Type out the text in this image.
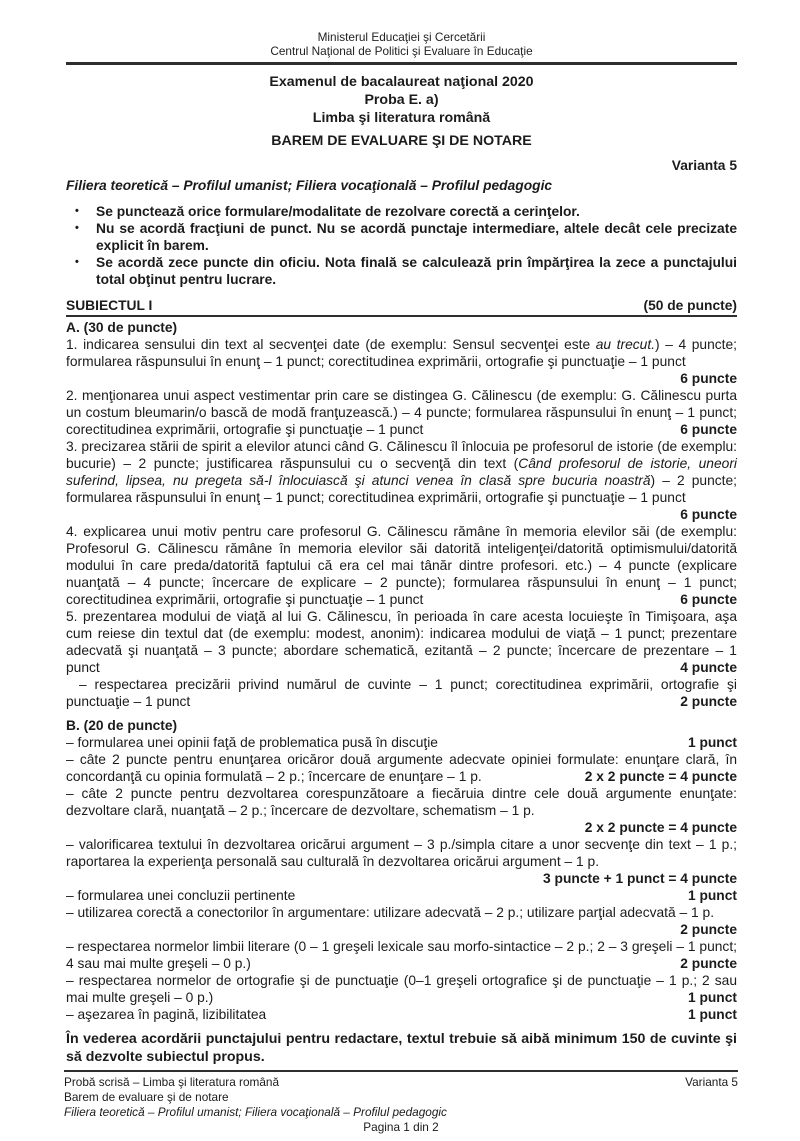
Ministerul Educaţiei şi Cercetării

Centrul Naţional de Politici şi Evaluare în Educaţie

Examenul de bacalaureat naţional 2020

Proba E. a)

Limba şi literatura română

BAREM DE EVALUARE ŞI DE NOTARE

Varianta 5

Filiera teoretică – Profilul umanist; Filiera vocaţională – Profilul pedagogic

•	Se punctează orice formulare/modalitate de rezolvare corectă a cerinţelor.
•	Nu se acordă fracţiuni de punct. Nu se acordă punctaje intermediare, altele decât cele precizate explicit în barem.
•	Se acordă zece puncte din oficiu. Nota finală se calculează prin împărţirea la zece a punctajului total obţinut pentru lucrare.
SUBIECTUL I	(50 de puncte)

A. (30 de puncte)

1. indicarea sensului din text al secvenţei date (de exemplu: Sensul secvenţei este au trecut.) – 4 puncte; formularea răspunsului în enunţ – 1 punct; corectitudinea exprimării, ortografie şi punctuaţie – 1 punct
6 puncte

2. menţionarea unui aspect vestimentar prin care se distingea G. Călinescu (de exemplu: G. Călinescu purta un costum bleumarin/o bască de modă franţuzească.) – 4 puncte; formularea răspunsului în enunţ – 1 punct; corectitudinea exprimării, ortografie şi punctuaţie – 1 punct	6 puncte

3. precizarea stării de spirit a elevilor atunci când G. Călinescu îl înlocuia pe profesorul de istorie (de exemplu: bucurie) – 2 puncte; justificarea răspunsului cu o secvenţă din text (Când profesorul de istorie, uneori suferind, lipsea, nu pregeta să-l înlocuiască şi atunci venea în clasă spre bucuria noastră) – 2 puncte; formularea răspunsului în enunţ – 1 punct; corectitudinea exprimării, ortografie şi punctuaţie – 1 punct
6 puncte

4. explicarea unui motiv pentru care profesorul G. Călinescu rămâne în memoria elevilor săi (de exemplu: Profesorul G. Călinescu rămâne în memoria elevilor săi datorită inteligenţei/datorită optimismului/datorită modului în care preda/datorită faptului că era cel mai tânăr dintre profesori. etc.) – 4 puncte (explicare nuanţată – 4 puncte; încercare de explicare – 2 puncte); formularea răspunsului în enunţ – 1 punct; corectitudinea exprimării, ortografie şi punctuaţie – 1 punct	6 puncte

5. prezentarea modului de viaţă al lui G. Călinescu, în perioada în care acesta locuieşte în Timişoara, aşa cum reiese din textul dat (de exemplu: modest, anonim): indicarea modului de viaţă – 1 punct; prezentare adecvată şi nuanţată – 3 puncte; abordare schematică, ezitantă – 2 puncte; încercare de prezentare – 1 punct	4 puncte

– respectarea precizării privind numărul de cuvinte – 1 punct; corectitudinea exprimării, ortografie şi punctuaţie – 1 punct	2 puncte

B. (20 de puncte)

– formularea unei opinii faţă de problematica pusă în discuţie	1 punct

– câte 2 puncte pentru enunţarea oricăror două argumente adecvate opiniei formulate: enunţare clară, în concordanţă cu opinia formulată – 2 p.; încercare de enunţare – 1 p.	2 x 2 puncte = 4 puncte

– câte 2 puncte pentru dezvoltarea corespunzătoare a fiecăruia dintre cele două argumente enunţate: dezvoltare clară, nuanţată – 2 p.; încercare de dezvoltare, schematism – 1 p.

2 x 2 puncte = 4 puncte

– valorificarea textului în dezvoltarea oricărui argument – 3 p./simpla citare a unor secvenţe din text – 1 p.; raportarea la experienţa personală sau culturală în dezvoltarea oricărui argument – 1 p.

3 puncte + 1 punct = 4 puncte

– formularea unei concluzii pertinente	1 punct

– utilizarea corectă a conectorilor în argumentare: utilizare adecvată – 2 p.; utilizare parţial adecvată – 1 p.
2 puncte

– respectarea normelor limbii literare (0 – 1 greşeli lexicale sau morfo-sintactice – 2 p.; 2 – 3 greşeli – 1 punct; 4 sau mai multe greşeli – 0 p.)	2 puncte

– respectarea normelor de ortografie şi de punctuaţie (0–1 greşeli ortografice şi de punctuaţie – 1 p.; 2 sau mai multe greşeli – 0 p.)	1 punct

– aşezarea în pagină, lizibilitatea	1 punct

În vederea acordării punctajului pentru redactare, textul trebuie să aibă minimum 150 de cuvinte şi să dezvolte subiectul propus.

Probă scrisă – Limba şi literatura română	Varianta 5
Barem de evaluare şi de notare
Filiera teoretică – Profilul umanist; Filiera vocaţională – Profilul pedagogic
Pagina 1 din 2
